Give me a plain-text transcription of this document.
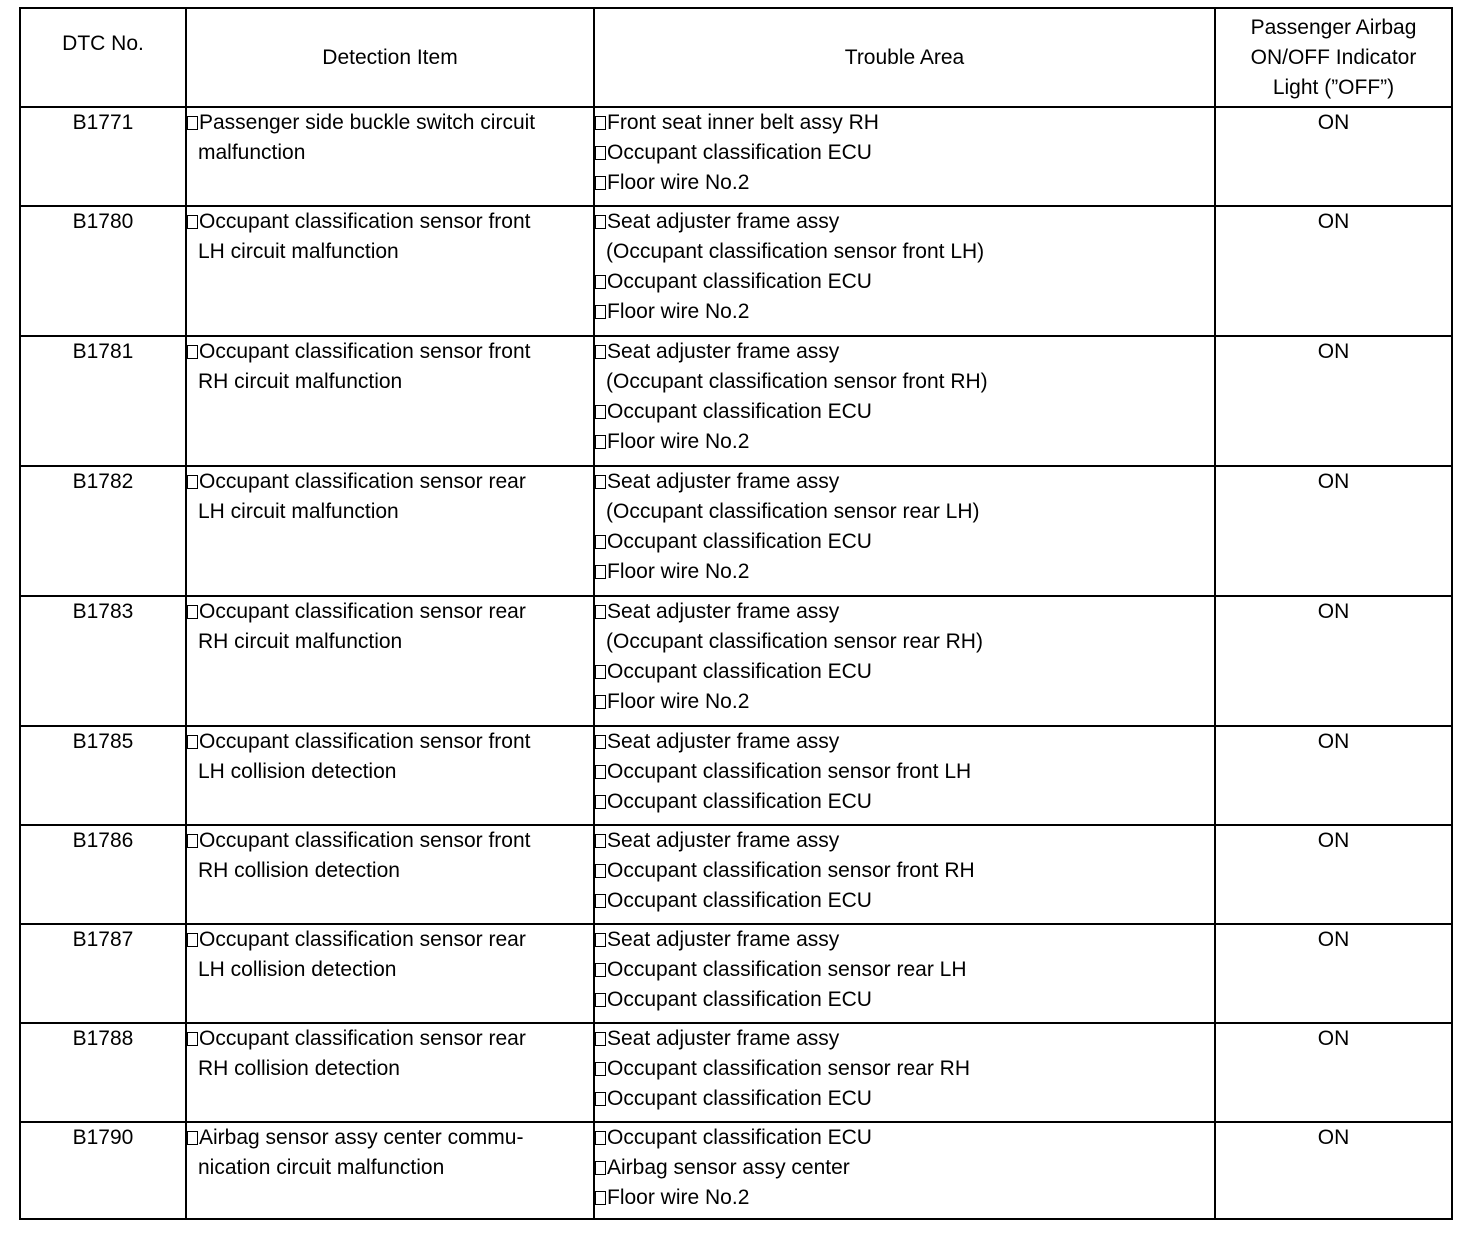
DTC No.	Detection Item	Trouble Area	Passenger Airbag
ON/OFF Indicator
Light (”OFF”)

B1771	Passenger side buckle switch circuit
malfunction	Front seat inner belt assy RH
Occupant classification ECU
Floor wire No.2	ON
B1780	Occupant classification sensor front
LH circuit malfunction	Seat adjuster frame assy
(Occupant classification sensor front LH)
Occupant classification ECU
Floor wire No.2	ON
B1781	Occupant classification sensor front
RH circuit malfunction	Seat adjuster frame assy
(Occupant classification sensor front RH)
Occupant classification ECU
Floor wire No.2	ON
B1782	Occupant classification sensor rear
LH circuit malfunction	Seat adjuster frame assy
(Occupant classification sensor rear LH)
Occupant classification ECU
Floor wire No.2	ON
B1783	Occupant classification sensor rear
RH circuit malfunction	Seat adjuster frame assy
(Occupant classification sensor rear RH)
Occupant classification ECU
Floor wire No.2	ON
B1785	Occupant classification sensor front
LH collision detection	Seat adjuster frame assy
Occupant classification sensor front LH
Occupant classification ECU	ON
B1786	Occupant classification sensor front
RH collision detection	Seat adjuster frame assy
Occupant classification sensor front RH
Occupant classification ECU	ON
B1787	Occupant classification sensor rear
LH collision detection	Seat adjuster frame assy
Occupant classification sensor rear LH
Occupant classification ECU	ON
B1788	Occupant classification sensor rear
RH collision detection	Seat adjuster frame assy
Occupant classification sensor rear RH
Occupant classification ECU	ON
B1790	Airbag sensor assy center commu-
nication circuit malfunction	Occupant classification ECU
Airbag sensor assy center
Floor wire No.2	ON
